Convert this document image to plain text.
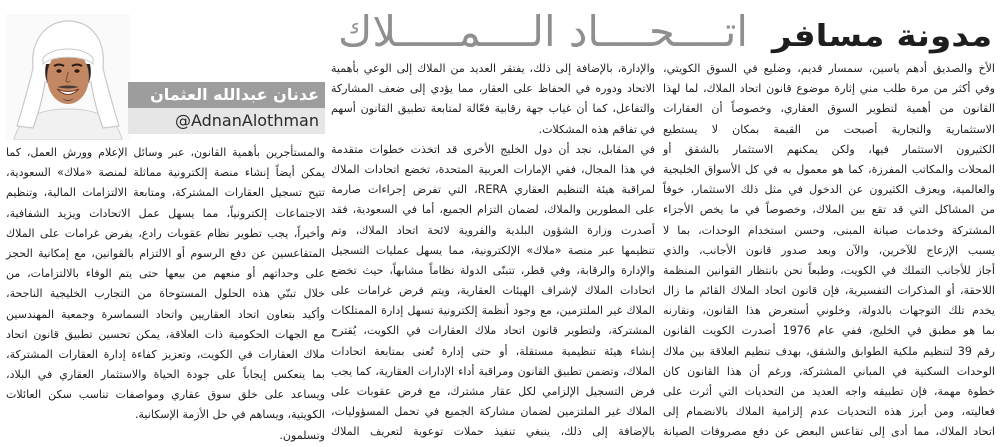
مدونة مسافر
اتــــحــــاد الــــمـــــلاك
عدنان عبدالله العثمان
@AdnanAlothman
الأخ والصديق أدهم ياسين، سمسار قديم، وضليع في السوق الكويتي،
وفي أكثر من مرة طلب مني إثارة موضوع قانون اتحاد الملاك، لما لهذا
القانون من أهمية لتطوير السوق العقاري، وخصوصاً أن العقارات
الاستثمارية والتجارية أصبحت من القيمة بمكان لا يستطيع
الكثيرون الاستثمار فيها، ولكن يمكنهم الاستثمار بالشقق أو
المحلات والمكاتب المفرزة، كما هو معمول به في كل الأسواق الخليجية
والعالمية، ويعزف الكثيرون عن الدخول في مثل ذلك الاستثمار، خوفاً
من المشاكل التي قد تقع بين الملاك، وخصوصاً في ما يخص الأجزاء
المشتركة وخدمات صيانة المبنى، وحسن استخدام الوحدات، بما لا
يسبب الإزعاج للآخرين، والآن وبعد صدور قانون الأجانب، والذي
أجاز للأجانب التملك في الكويت، وطبعاً نحن بانتظار القوانين المنظمة
اللاحقة، أو المذكرات التفسيرية، فإن قانون اتحاد الملاك القائم ما زال
يخدم تلك التوجهات بالدولة، وخلوني أستعرض هذا القانون، ونقارنه
بما هو مطبق في الخليج، ففي عام 1976 أصدرت الكويت القانون
رقم 39 لتنظيم ملكية الطوابق والشقق، بهدف تنظيم العلاقة بين ملاك
الوحدات السكنية في المباني المشتركة، ورغم أن هذا القانون كان
خطوة مهمة، فإن تطبيقه واجه العديد من التحديات التي أثرت على
فعاليته، ومن أبرز هذه التحديات عدم إلزامية الملاك بالانضمام إلى
اتحاد الملاك، مما أدى إلى تقاعس البعض عن دفع مصروفات الصيانة
والإدارة، بالإضافة إلى ذلك، يفتقر العديد من الملاك إلى الوعي بأهمية
الاتحاد ودوره في الحفاظ على العقار، مما يؤدي إلى ضعف المشاركة
والتفاعل، كما أن غياب جهة رقابية فعّالة لمتابعة تطبيق القانون أسهم
في تفاقم هذه المشكلات.
في المقابل، نجد أن دول الخليج الأخرى قد اتخذت خطوات متقدمة
في هذا المجال، ففي الإمارات العربية المتحدة، تخضع اتحادات الملاك
لمراقبة هيئة التنظيم العقاري RERA، التي تفرض إجراءات صارمة
على المطورين والملاك، لضمان التزام الجميع، أما في السعودية، فقد
أصدرت وزارة الشؤون البلدية والقروية لائحة اتحاد الملاك، وتم
تنظيمها عبر منصة «ملاك» الإلكترونية، مما يسهل عمليات التسجيل
والإدارة والرقابة، وفي قطر، تتبنّى الدولة نظاماً مشابهاً، حيث تخضع
اتحادات الملاك لإشراف الهيئات العقارية، ويتم فرض غرامات على
الملاك غير الملتزمين، مع وجود أنظمة إلكترونية تسهل إدارة الممتلكات
المشتركة، ولتطوير قانون اتحاد ملاك العقارات في الكويت، يُقترح
إنشاء هيئة تنظيمية مستقلة، أو حتى إدارة تُعنى بمتابعة اتحادات
الملاك، وتضمن تطبيق القانون ومراقبة أداء الإدارات العقارية، كما يجب
فرض التسجيل الإلزامي لكل عقار مشترك، مع فرض عقوبات على
الملاك غير الملتزمين لضمان مشاركة الجميع في تحمل المسؤوليات،
بالإضافة إلى ذلك، ينبغي تنفيذ حملات توعوية لتعريف الملاك
والمستأجرين بأهمية القانون، عبر وسائل الإعلام وورش العمل، كما
يمكن أيضاً إنشاء منصة إلكترونية مماثلة لمنصة «ملاك» السعودية،
تتيح تسجيل العقارات المشتركة، ومتابعة الالتزامات المالية، وتنظيم
الاجتماعات إلكترونياً، مما يسهل عمل الاتحادات ويزيد الشفافية،
وأخيراً، يجب تطوير نظام عقوبات رادع، يفرض غرامات على الملاك
المتقاعسين عن دفع الرسوم أو الالتزام بالقوانين، مع إمكانية الحجز
على وحداتهم أو منعهم من بيعها حتى يتم الوفاء بالالتزامات، من
خلال تبنّي هذه الحلول المستوحاة من التجارب الخليجية الناجحة،
وأكيد بتعاون اتحاد العقاريين واتحاد السماسرة وجمعية المهندسين
مع الجهات الحكومية ذات العلاقة، يمكن تحسين تطبيق قانون اتحاد
ملاك العقارات في الكويت، وتعزيز كفاءة إدارة العقارات المشتركة،
بما ينعكس إيجاباً على جودة الحياة والاستثمار العقاري في البلاد،
ويساعد على خلق سوق عقاري ومواصفات تناسب سكن العائلات
الكويتية، ويساهم في حل الأزمة الإسكانية.
وتسلمون.
